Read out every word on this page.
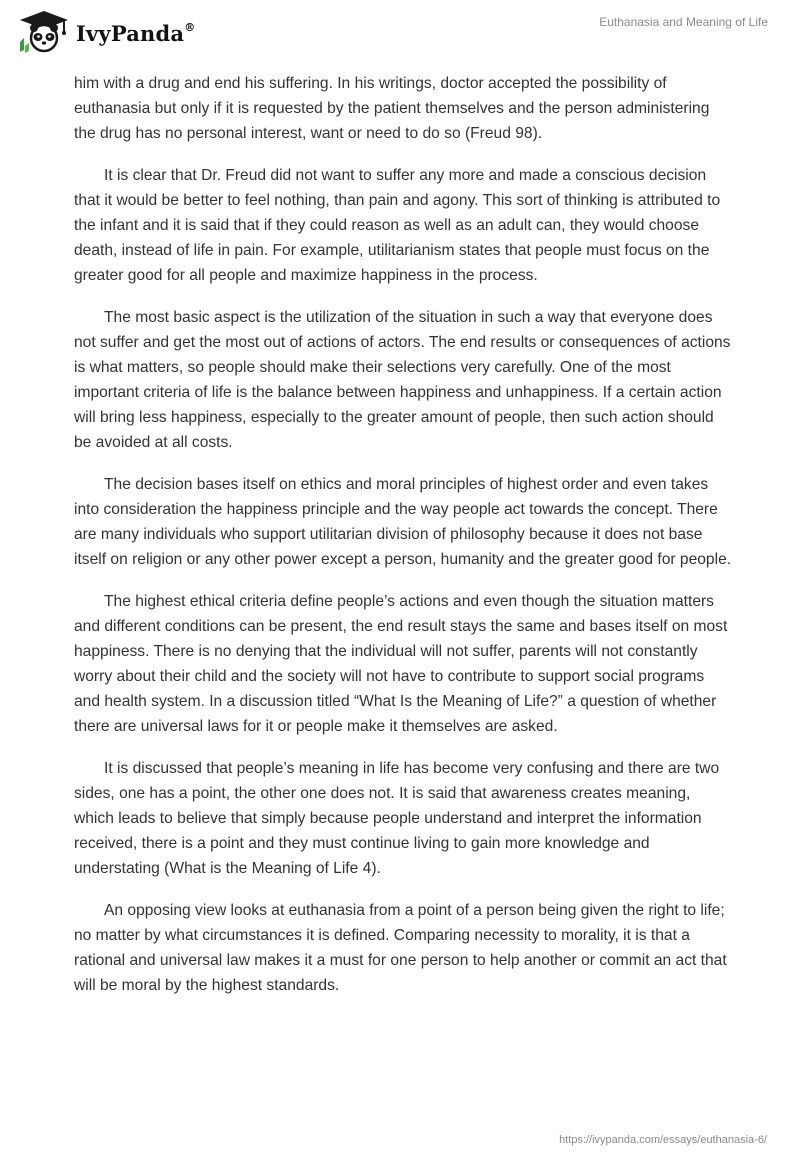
IvyPanda®	Euthanasia and Meaning of Life

him with a drug and end his suffering. In his writings, doctor accepted the possibility of euthanasia but only if it is requested by the patient themselves and the person administering the drug has no personal interest, want or need to do so (Freud 98).

It is clear that Dr. Freud did not want to suffer any more and made a conscious decision that it would be better to feel nothing, than pain and agony. This sort of thinking is attributed to the infant and it is said that if they could reason as well as an adult can, they would choose death, instead of life in pain. For example, utilitarianism states that people must focus on the greater good for all people and maximize happiness in the process.

The most basic aspect is the utilization of the situation in such a way that everyone does not suffer and get the most out of actions of actors. The end results or consequences of actions is what matters, so people should make their selections very carefully. One of the most important criteria of life is the balance between happiness and unhappiness. If a certain action will bring less happiness, especially to the greater amount of people, then such action should be avoided at all costs.

The decision bases itself on ethics and moral principles of highest order and even takes into consideration the happiness principle and the way people act towards the concept. There are many individuals who support utilitarian division of philosophy because it does not base itself on religion or any other power except a person, humanity and the greater good for people.

The highest ethical criteria define people’s actions and even though the situation matters and different conditions can be present, the end result stays the same and bases itself on most happiness. There is no denying that the individual will not suffer, parents will not constantly worry about their child and the society will not have to contribute to support social programs and health system. In a discussion titled “What Is the Meaning of Life?” a question of whether there are universal laws for it or people make it themselves are asked.

It is discussed that people’s meaning in life has become very confusing and there are two sides, one has a point, the other one does not. It is said that awareness creates meaning, which leads to believe that simply because people understand and interpret the information received, there is a point and they must continue living to gain more knowledge and understating (What is the Meaning of Life 4).

An opposing view looks at euthanasia from a point of a person being given the right to life; no matter by what circumstances it is defined. Comparing necessity to morality, it is that a rational and universal law makes it a must for one person to help another or commit an act that will be moral by the highest standards.

https://ivypanda.com/essays/euthanasia-6/
